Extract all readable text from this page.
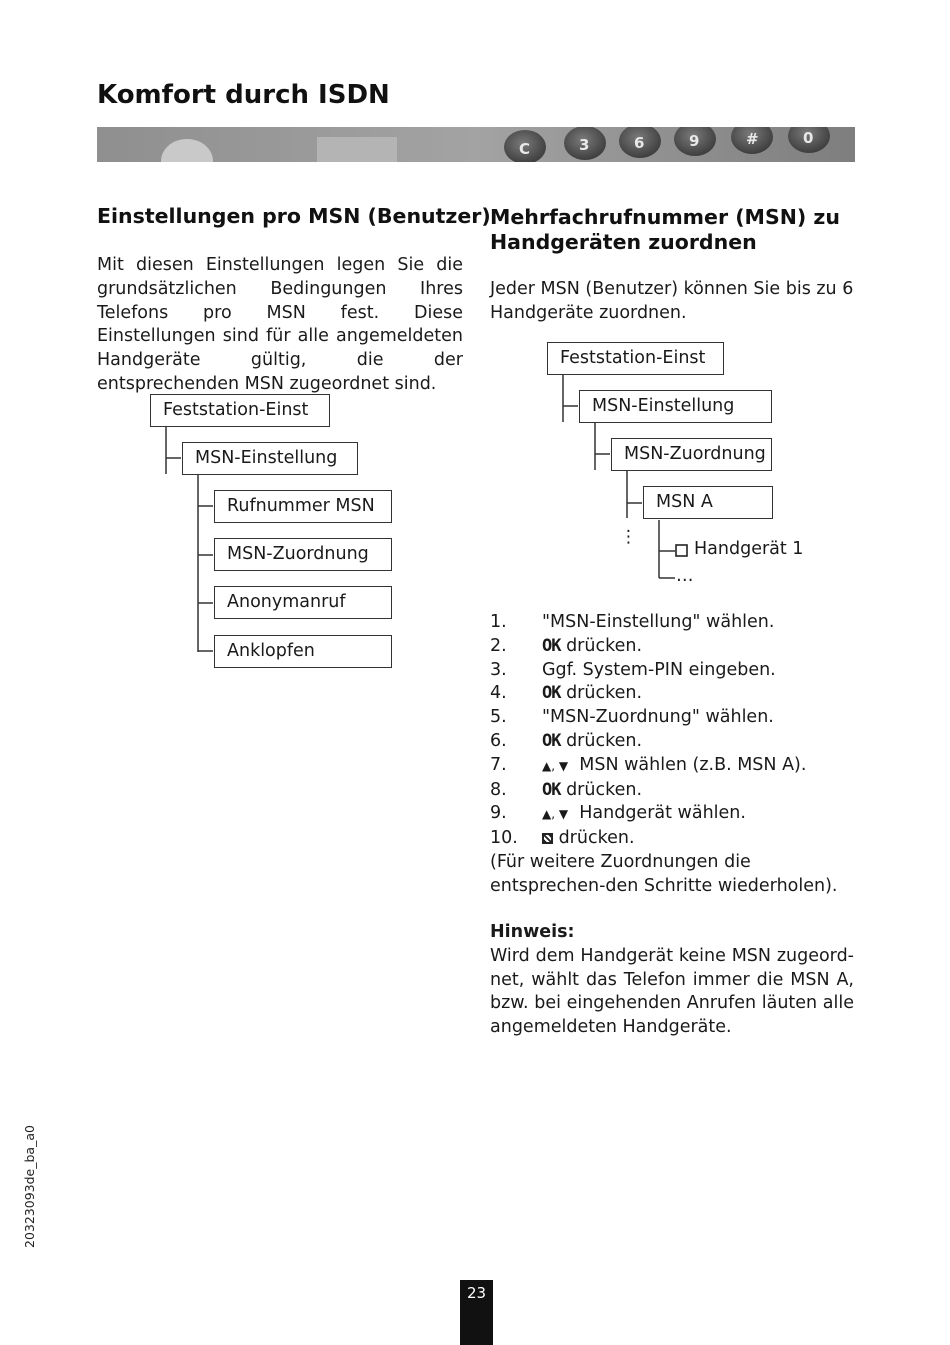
Komfort durch ISDN
C	3	6	9	#	0
Einstellungen pro MSN (Benutzer)

Mit diesen Einstellungen legen Sie die grundsätzlichen Bedingungen Ihres Telefons pro MSN fest. Diese Einstellungen sind für alle angemeldeten Handgeräte gültig, die der entsprechenden MSN zugeordnet sind.

Feststation-Einst
MSN-Einstellung
Rufnummer MSN
MSN-Zuordnung
Anonymanruf
Anklopfen
Mehrfachrufnummer (MSN) zu
Handgeräten zuordnen

Jeder MSN (Benutzer) können Sie bis zu 6 Handgeräte zuordnen.

Feststation-Einst
MSN-Einstellung
MSN-Zuordnung
MSN A
Handgerät 1
…
⋮
1.	"MSN-Einstellung" wählen.
2.	OK drücken.
3.	Ggf. System-PIN eingeben.
4.	OK drücken.
5.	"MSN-Zuordnung" wählen.
6.	OK drücken.
7.	▲, ▼ MSN wählen (z.B. MSN A).
8.	OK drücken.
9.	▲, ▼ Handgerät wählen.
10.	drücken.
(Für weitere Zuordnungen die entsprechen-den Schritte wiederholen).
Hinweis:
Wird dem Handgerät keine MSN zugeord-net, wählt das Telefon immer die MSN A, bzw. bei eingehenden Anrufen läuten alle angemeldeten Handgeräte.
20323093de_ba_a0
23
